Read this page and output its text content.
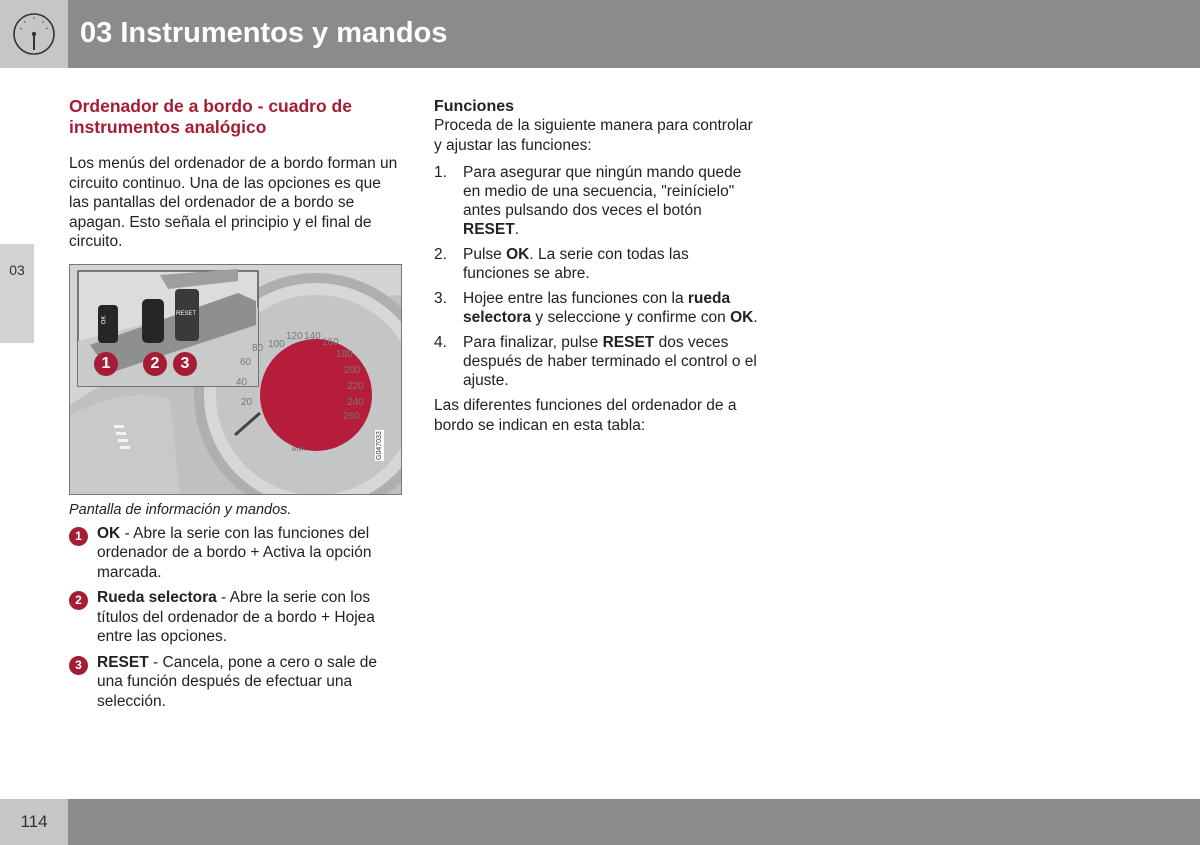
03 Instrumentos y mandos
03
Ordenador de a bordo - cuadro de instrumentos analógico

Los menús del ordenador de a bordo forman un circuito continuo. Una de las opciones es que las pantallas del ordenador de a bordo se apagan. Esto señala el principio y el final de circuito.

OK
RESET
20
40
60
80 100
120 140
160
180
200
220
240
260
km/h	G047033
1	2	3
Pantalla de información y mandos.
1 OK - Abre la serie con las funciones del ordenador de a bordo + Activa la opción marcada.
2 Rueda selectora - Abre la serie con los títulos del ordenador de a bordo + Hojea entre las opciones.
3 RESET - Cancela, pone a cero o sale de una función después de efectuar una selección.
Funciones

Proceda de la siguiente manera para controlar y ajustar las funciones:

1. Para asegurar que ningún mando quede en medio de una secuencia, "reinícielo" antes pulsando dos veces el botón RESET.
2. Pulse OK. La serie con todas las funciones se abre.
3. Hojee entre las funciones con la rueda selectora y seleccione y confirme con OK.
4. Para finalizar, pulse RESET dos veces después de haber terminado el control o el ajuste.

Las diferentes funciones del ordenador de a bordo se indican en esta tabla:

114
